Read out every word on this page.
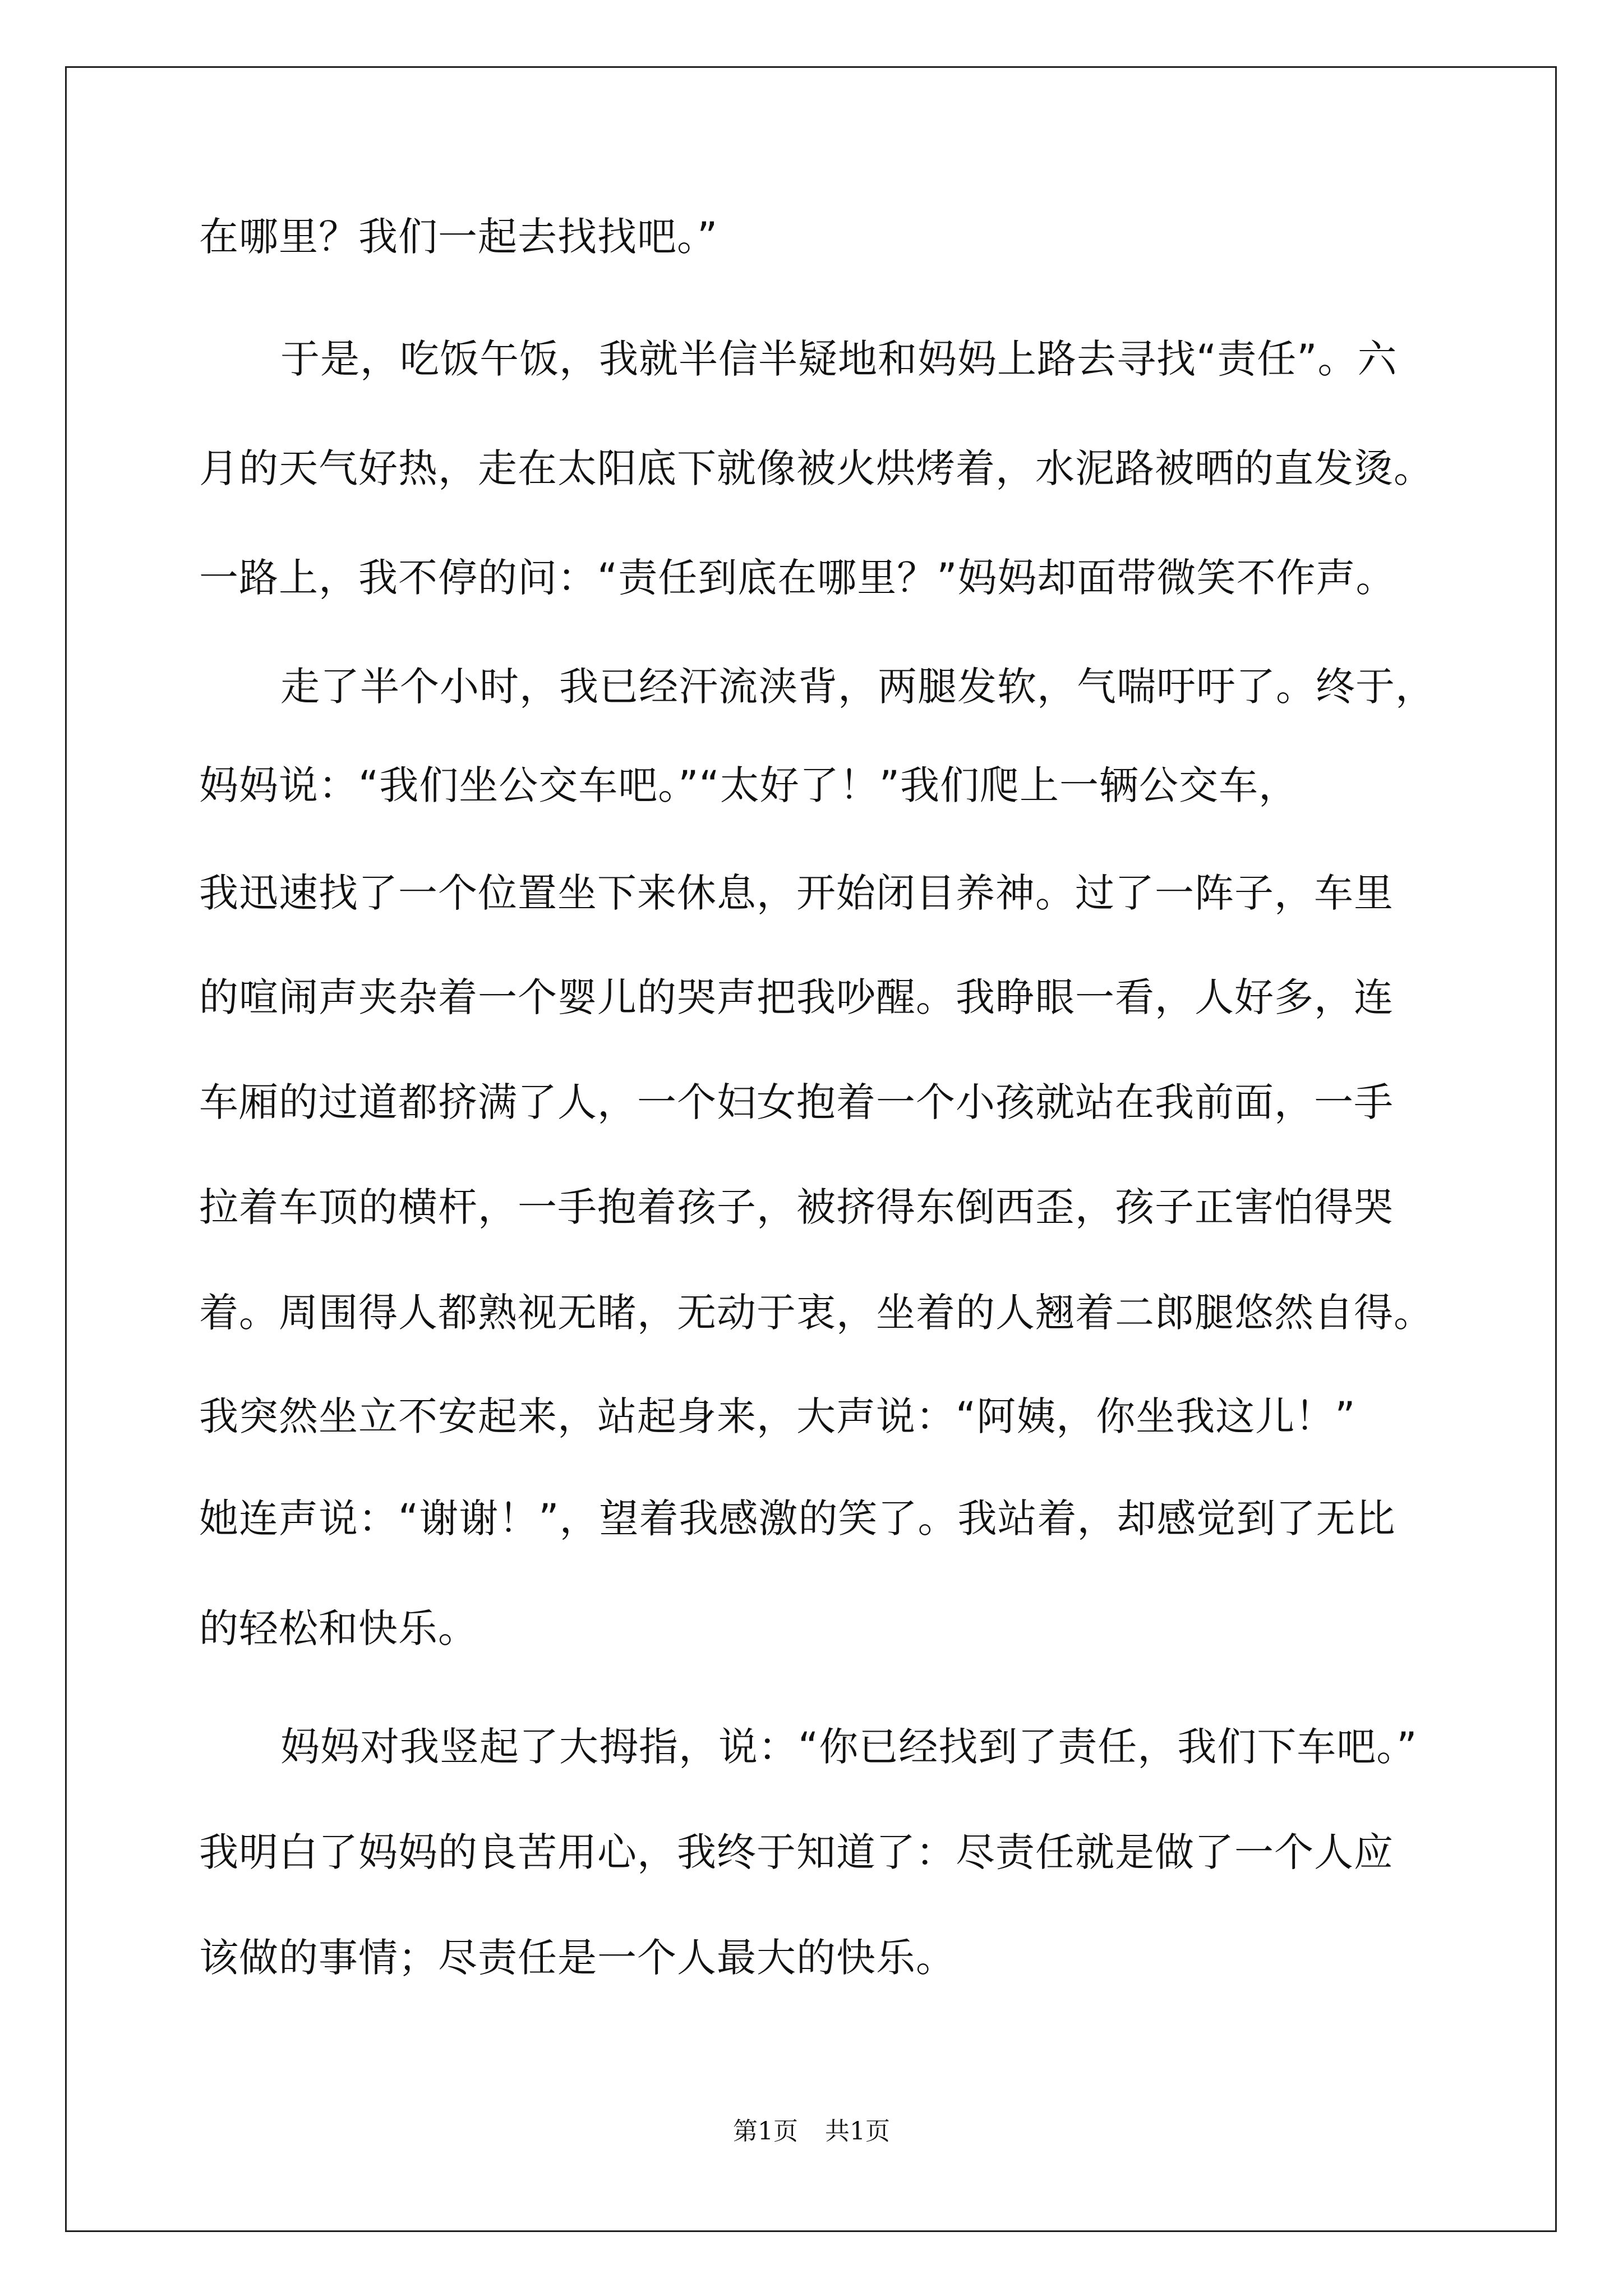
在哪里？我们一起去找找吧。”
于是，吃饭午饭，我就半信半疑地和妈妈上路去寻找“责任”。六
月的天气好热，走在太阳底下就像被火烘烤着，水泥路被晒的直发烫。
一路上，我不停的问：“责任到底在哪里？”妈妈却面带微笑不作声。
走了半个小时，我已经汗流浃背，两腿发软，气喘吁吁了。终于，
妈妈说：“我们坐公交车吧。”“太好了！”我们爬上一辆公交车，
我迅速找了一个位置坐下来休息，开始闭目养神。过了一阵子，车里
的喧闹声夹杂着一个婴儿的哭声把我吵醒。我睁眼一看，人好多，连
车厢的过道都挤满了人，一个妇女抱着一个小孩就站在我前面，一手
拉着车顶的横杆，一手抱着孩子，被挤得东倒西歪，孩子正害怕得哭
着。周围得人都熟视无睹，无动于衷，坐着的人翘着二郎腿悠然自得。
我突然坐立不安起来，站起身来，大声说：“阿姨，你坐我这儿！”
她连声说：“谢谢！”，望着我感激的笑了。我站着，却感觉到了无比
的轻松和快乐。
妈妈对我竖起了大拇指，说：“你已经找到了责任，我们下车吧。”
我明白了妈妈的良苦用心，我终于知道了：尽责任就是做了一个人应
该做的事情；尽责任是一个人最大的快乐。
第1页 共1页
